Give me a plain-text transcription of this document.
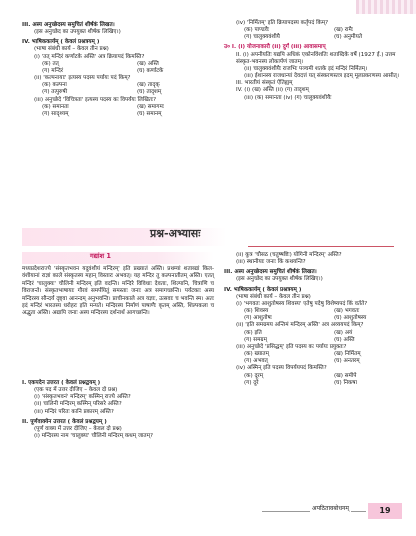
III. अस्य अनुच्छेदस्य समुचितं शीर्षकं लिखत।
(इस अनुच्छेद का उपयुक्त शीर्षक लिखिए।)
IV. भाषिककार्यम् ( केवलं प्रश्नत्रयम् )
(भाषा संबंधी कार्य – केवल तीन प्रश्न)
(i) 'तत् मन्दिरं कर्णाटके अस्ति' अत्र क्रियापदं किमस्ति?
(क) तत्	(ख) अस्ति
(ग) मन्दिरं	(घ) कर्णाटके
(ii) 'कल्पनायाः' इत्यस्य पदस्य पर्यायः पदं किम्?
(क) कल्पना	(ख) तादृक्
(ग) तत्पुरुषी	(घ) तादृशम्
(iii) अनुच्छेदे 'विचित्रता' इत्यस्य पदस्य कः विपर्ययः लिखितः?
(क) समानता	(ख) समागमः
(ग) सादृश्यम्	(घ) समानम्
(iv) 'निर्मितम्' इति क्रियापदस्य कर्तृपदं किम्?
(क) पाण्डवैः	(ख) रामैः
(ग) चालुक्यवंशीयै	(घ) अनुमीयते
उ० I. (i) योजनाकारौ (ii) दुर्गं (iii) आवासमाप्
II. (i) अपनीयतिः यद्यपि अधिकं एकोनविंशतिः शताब्दिके वर्षे (1927 ई.) उत्तम संस्कृत-भवनस्य लोकार्पणं जातम्।
(ii) चालुक्यवंशीयैः राजभिः पञ्चमी शतके इदं मन्दिरं निर्मितम्।
(iii) ईशानस्य राजधान्यां देवदत्तं यत् संस्करणस्तत्र इदम् मूलप्रकरणस्य आसीत्।
III. भारतीयं संस्कृतं ऐतिह्यम्
IV. (i) (ख) अस्ति (ii) (ग) तादृशम्
(iii) (क) समानता (iv) (ग) चालुक्यवंशीयैः
प्रश्न-अभ्यासः
गद्यांश 1
मध्यप्रदेशराज्ये 'संस्कृतभवन यदुवंशीयं मन्दिरम्' इति प्रख्यातं अस्ति। प्रथम्यां शताब्द्यां किल-वंशीयानां राज्ञां काले संस्कृतस्य महान् विस्तारः अभवत्। यह मन्दिर तु कल्पनातीतम् अस्ति। एतत् मन्दिरं 'चालुक्यः' चौलिनी मन्दिरम् इति वदन्ति। मन्दिरे विविधाः देवताः, शिल्पानि, चित्राणि च विराजन्ते। संस्कृतभाषायाः गौरवं समर्पयितुं समस्ताः जनाः अत्र समागच्छन्ति। पर्यटकाः अस्य मन्दिरस्य सौन्दर्यं दृष्ट्वा आनन्दम् अनुभवन्ति। प्राचीनकाले अत्र यज्ञाः, उत्सवाः च भवन्ति स्म। अतः इदं मन्दिरं भारतस्य धरोहरः इति मन्यते। मन्दिरस्य निर्माणं पाषाणैः कृतम् अस्ति, शिल्पकला च अद्भुता अस्ति। अद्यापि जनाः अस्य मन्दिरस्य दर्शनार्थं आगच्छन्ति।
I. एकपदेन उत्तरत ( केवलं प्रश्नद्वयम् )
(एक पद में उत्तर दीजिए – केवल दो प्रश्न)
(i) 'संस्कृतभवनं' मन्दिरम्' कस्मिन् राज्ये अस्ति?
(ii) चालिनी मन्दिरम् कस्मिन् परिसरे अस्ति?
(iii) मन्दिरं परितः कानि प्रकारम् अस्ति?
II. पूर्णवाक्येन उत्तरत ( केवलं प्रश्नद्वयम् )
(पूर्ण वाक्य में उत्तर दीजिए – केवल दो प्रश्न)
(i) मन्दिरस्य नाम 'चालुक्यः' चौलिनी मन्दिरम् कथम् जातम्?
(ii) कुत्र 'चौसठ (चतुष्षष्टिः) योगिनी मन्दिरम्' अस्ति?
(iii) स्थानीयाः जनाः किं कथयन्ति?
III. अस्य अनुच्छेदस्य समुचितं शीर्षकं लिखत।
(इस अनुच्छेद का उपयुक्त शीर्षक लिखिए।)
IV. भाषिककार्यम् ( केवलं प्रश्नत्रयम् )
(भाषा संबंधी कार्य – केवल तीन प्रश्न)
(i) 'भगवतः आशुतोषस्य शिवस्य' एतेषु पदेषु विशेष्यपदं किं वर्तते?
(क) शिवस्य	(ख) भगवतः
(ग) आशुतोषः	(घ) आशुतोषस्य
(ii) 'इति समग्रमय अन्तिमं मन्दिरम् अस्ति' अत्र अव्ययपदं किम्?
(क) इति	(ख) अयं
(ग) समग्रम्	(घ) अस्ति
(iii) अनुच्छेदे 'प्रसिद्धम्' इति पदस्य कः पर्यायः प्रयुक्तः?
(क) ख्यातम्	(ख) निर्मितम्
(ग) अभवत्	(घ) अनतरम्
(iv) अस्मिन् इति पदस्य विपर्ययपदं किमस्ति?
(क) दूरम्	(ख) समीपे
(ग) दूरे	(घ) निकषा
अपठितावबोधनम्	19
